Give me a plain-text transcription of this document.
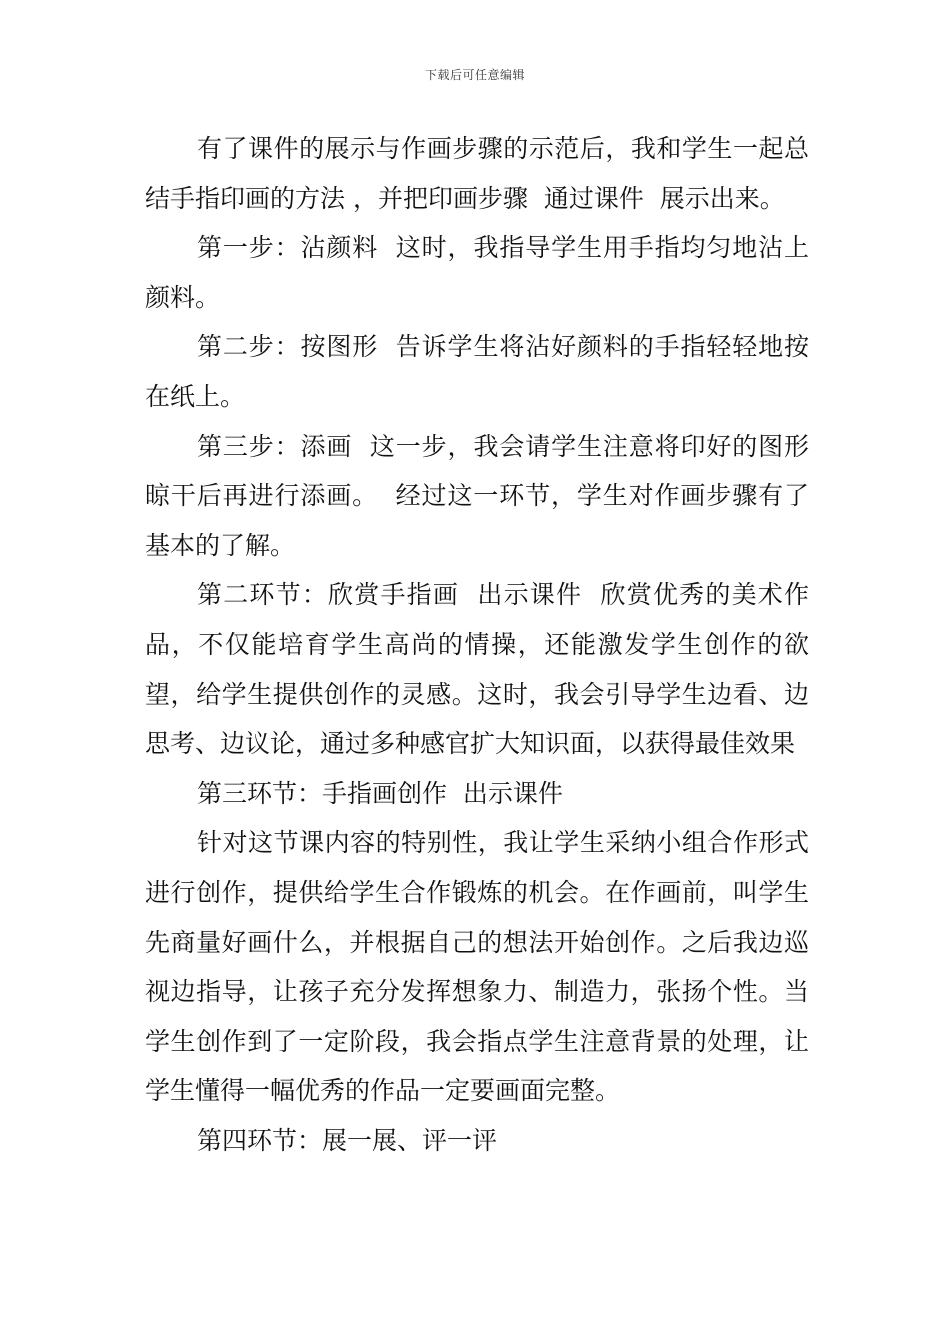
下载后可任意编辑

有了课件的展示与作画步骤的示范后，我和学生一起总结手指印画的方法 ，并把印画步骤  通过课件  展示出来。

第一步：沾颜料  这时，我指导学生用手指均匀地沾上颜料。

第二步：按图形  告诉学生将沾好颜料的手指轻轻地按在纸上。

第三步：添画  这一步，我会请学生注意将印好的图形晾干后再进行添画。  经过这一环节，学生对作画步骤有了基本的了解。

第二环节：欣赏手指画  出示课件  欣赏优秀的美术作品，不仅能培育学生高尚的情操，还能激发学生创作的欲望，给学生提供创作的灵感。这时，我会引导学生边看、边思考、边议论，通过多种感官扩大知识面，以获得最佳效果

第三环节：手指画创作  出示课件

针对这节课内容的特别性，我让学生采纳小组合作形式进行创作，提供给学生合作锻炼的机会。在作画前，叫学生先商量好画什么，并根据自己的想法开始创作。之后我边巡视边指导，让孩子充分发挥想象力、制造力，张扬个性。当学生创作到了一定阶段，我会指点学生注意背景的处理，让学生懂得一幅优秀的作品一定要画面完整。

第四环节：展一展、评一评
